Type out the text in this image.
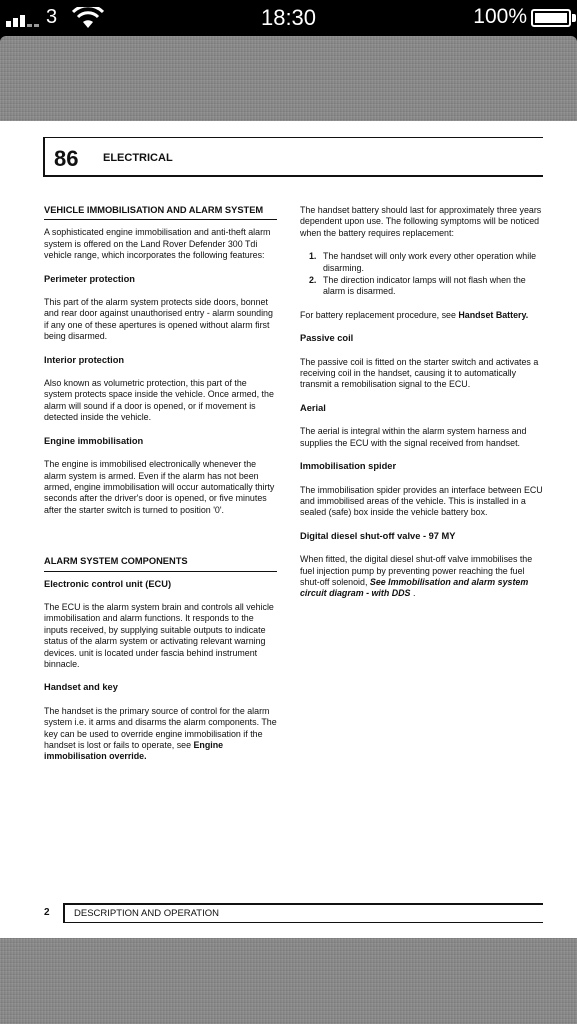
3	18:30	100%
86 ELECTRICAL
VEHICLE IMMOBILISATION AND ALARM SYSTEM
A sophisticated engine immobilisation and anti-theft alarm system is offered on the Land Rover Defender 300 Tdi vehicle range, which incorporates the following features:
Perimeter protection
This part of the alarm system protects side doors, bonnet and rear door against unauthorised entry - alarm sounding if any one of these apertures is opened without alarm first being disarmed.
Interior protection
Also known as volumetric protection, this part of the system protects space inside the vehicle. Once armed, the alarm will sound if a door is opened, or if movement is detected inside the vehicle.
Engine immobilisation
The engine is immobilised electronically whenever the alarm system is armed. Even if the alarm has not been armed, engine immobilisation will occur automatically thirty seconds after the driver's door is opened, or five minutes after the starter switch is turned to position '0'.
ALARM SYSTEM COMPONENTS
Electronic control unit (ECU)
The ECU is the alarm system brain and controls all vehicle immobilisation and alarm functions. It responds to the inputs received, by supplying suitable outputs to indicate status of the alarm system or activating relevant warning devices. unit is located under fascia behind instrument binnacle.
Handset and key
The handset is the primary source of control for the alarm system i.e. it arms and disarms the alarm components. The key can be used to override engine immobilisation if the handset is lost or fails to operate, see Engine immobilisation override.
The handset battery should last for approximately three years dependent upon use. The following symptoms will be noticed when the battery requires replacement:
1. The handset will only work every other operation while disarming.
2. The direction indicator lamps will not flash when the alarm is disarmed.
For battery replacement procedure, see Handset Battery.
Passive coil
The passive coil is fitted on the starter switch and activates a receiving coil in the handset, causing it to automatically transmit a remobilisation signal to the ECU.
Aerial
The aerial is integral within the alarm system harness and supplies the ECU with the signal received from handset.
Immobilisation spider
The immobilisation spider provides an interface between ECU and immobilised areas of the vehicle. This is installed in a sealed (safe) box inside the vehicle battery box.
Digital diesel shut-off valve - 97 MY
When fitted, the digital diesel shut-off valve immobilises the fuel injection pump by preventing power reaching the fuel shut-off solenoid, See Immobilisation and alarm system circuit diagram - with DDS .
2	DESCRIPTION AND OPERATION
